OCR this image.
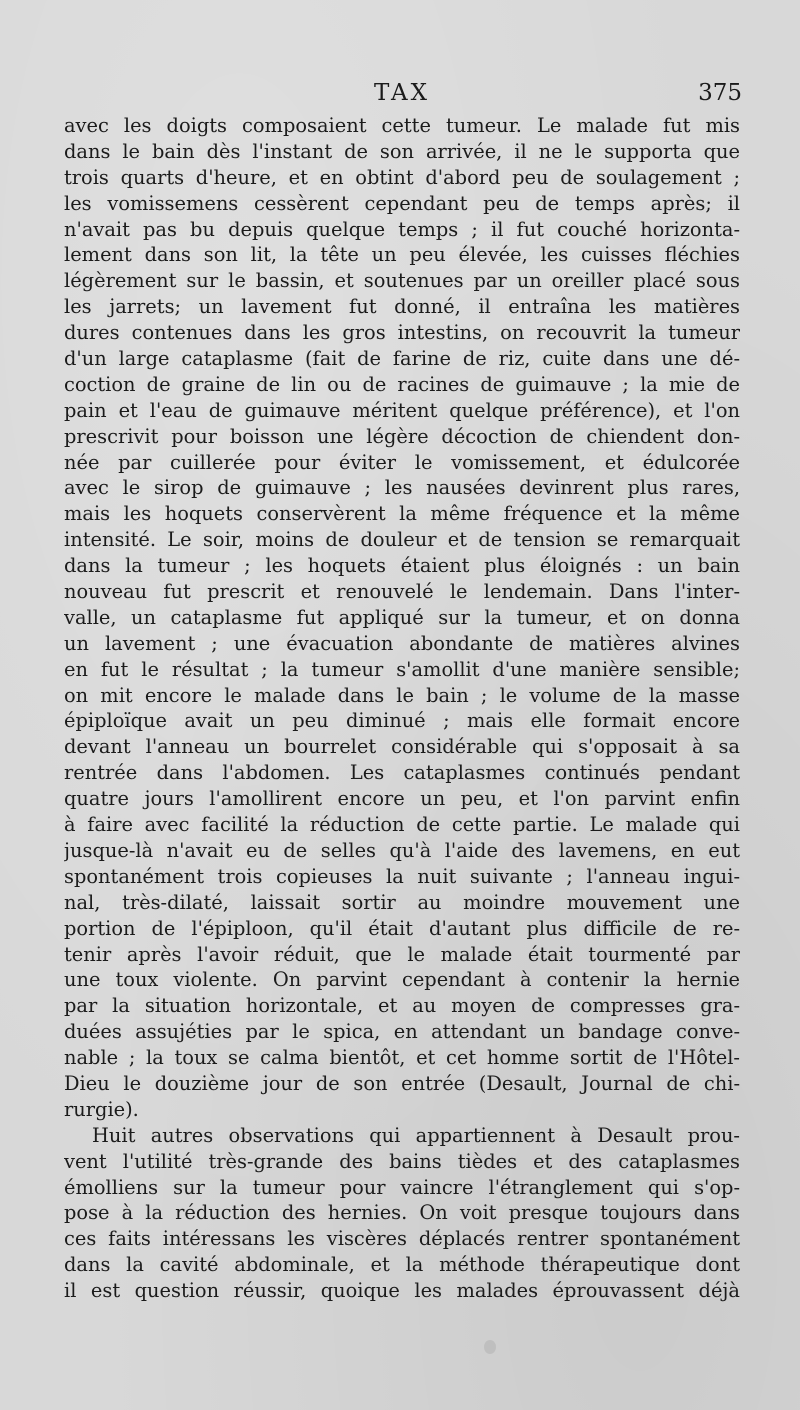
TAX	375
avec les doigts composaient cette tumeur. Le malade fut mis
dans le bain dès l'instant de son arrivée, il ne le supporta que
trois quarts d'heure, et en obtint d'abord peu de soulagement ;
les vomissemens cessèrent cependant peu de temps après; il
n'avait pas bu depuis quelque temps ; il fut couché horizonta-
lement dans son lit, la tête un peu élevée, les cuisses fléchies
légèrement sur le bassin, et soutenues par un oreiller placé sous
les jarrets; un lavement fut donné, il entraîna les matières
dures contenues dans les gros intestins, on recouvrit la tumeur
d'un large cataplasme (fait de farine de riz, cuite dans une dé-
coction de graine de lin ou de racines de guimauve ; la mie de
pain et l'eau de guimauve méritent quelque préférence), et l'on
prescrivit pour boisson une légère décoction de chiendent don-
née par cuillerée pour éviter le vomissement, et édulcorée
avec le sirop de guimauve ; les nausées devinrent plus rares,
mais les hoquets conservèrent la même fréquence et la même
intensité. Le soir, moins de douleur et de tension se remarquait
dans la tumeur ; les hoquets étaient plus éloignés : un bain
nouveau fut prescrit et renouvelé le lendemain. Dans l'inter-
valle, un cataplasme fut appliqué sur la tumeur, et on donna
un lavement ; une évacuation abondante de matières alvines
en fut le résultat ; la tumeur s'amollit d'une manière sensible;
on mit encore le malade dans le bain ; le volume de la masse
épiploïque avait un peu diminué ; mais elle formait encore
devant l'anneau un bourrelet considérable qui s'opposait à sa
rentrée dans l'abdomen. Les cataplasmes continués pendant
quatre jours l'amollirent encore un peu, et l'on parvint enfin
à faire avec facilité la réduction de cette partie. Le malade qui
jusque-là n'avait eu de selles qu'à l'aide des lavemens, en eut
spontanément trois copieuses la nuit suivante ; l'anneau ingui-
nal, très-dilaté, laissait sortir au moindre mouvement une
portion de l'épiploon, qu'il était d'autant plus difficile de re-
tenir après l'avoir réduit, que le malade était tourmenté par
une toux violente. On parvint cependant à contenir la hernie
par la situation horizontale, et au moyen de compresses gra-
duées assujéties par le spica, en attendant un bandage conve-
nable ; la toux se calma bientôt, et cet homme sortit de l'Hôtel-
Dieu le douzième jour de son entrée (Desault, Journal de chi-
rurgie).
Huit autres observations qui appartiennent à Desault prou-
vent l'utilité très-grande des bains tièdes et des cataplasmes
émolliens sur la tumeur pour vaincre l'étranglement qui s'op-
pose à la réduction des hernies. On voit presque toujours dans
ces faits intéressans les viscères déplacés rentrer spontanément
dans la cavité abdominale, et la méthode thérapeutique dont
il est question réussir, quoique les malades éprouvassent déjà
